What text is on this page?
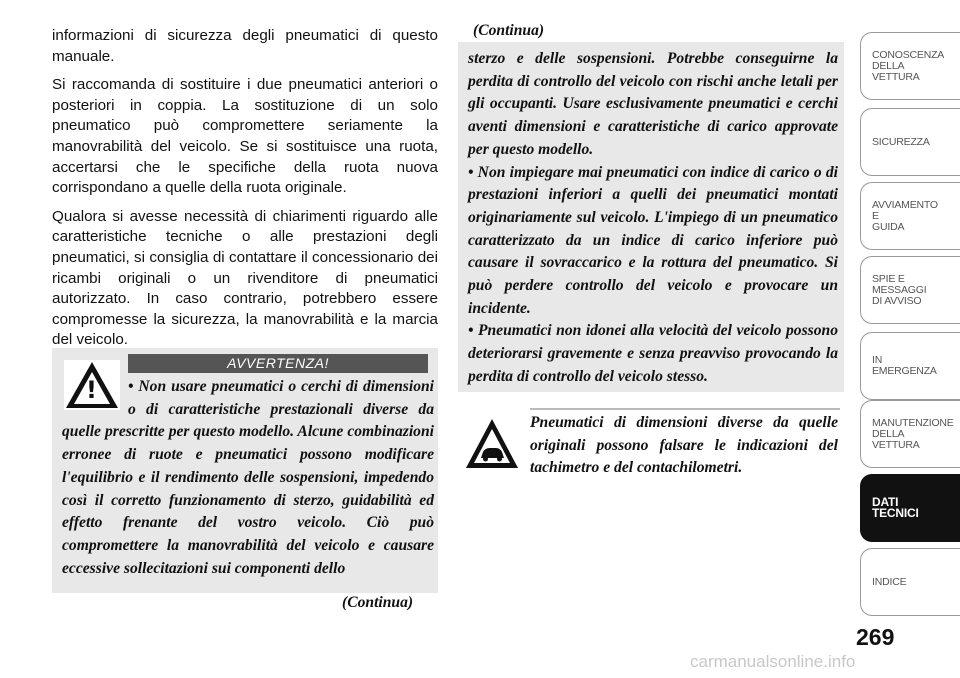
informazioni di sicurezza degli pneumatici di questo manuale.

Si raccomanda di sostituire i due pneumatici anteriori o posteriori in coppia. La sostituzione di un solo pneumatico può compromettere seriamente la manovrabilità del veicolo. Se si sostituisce una ruota, accertarsi che le specifiche della ruota nuova corrispondano a quelle della ruota originale.

Qualora si avesse necessità di chiarimenti riguardo alle caratteristiche tecniche o alle prestazioni degli pneumatici, si consiglia di contattare il concessionario dei ricambi originali o un rivenditore di pneumatici autorizzato. In caso contrario, potrebbero essere compromesse la sicurezza, la manovrabilità e la marcia del veicolo.

AVVERTENZA!
!	• Non usare pneumatici o cerchi di dimensioni o di caratteristiche prestazionali diverse da quelle prescritte per questo modello. Alcune combinazioni erronee di ruote e pneumatici possono modificare l'equilibrio e il rendimento delle sospensioni, impedendo così il corretto funzionamento di sterzo, guidabilità ed effetto frenante del vostro veicolo. Ciò può compromettere la manovrabilità del veicolo e causare eccessive sollecitazioni sui componenti dello
(Continua)
(Continua)
sterzo e delle sospensioni. Potrebbe conseguirne la perdita di controllo del veicolo con rischi anche letali per gli occupanti. Usare esclusivamente pneumatici e cerchi aventi dimensioni e caratteristiche di carico approvate per questo modello.
• Non impiegare mai pneumatici con indice di carico o di prestazioni inferiori a quelli dei pneumatici montati originariamente sul veicolo. L'impiego di un pneumatico caratterizzato da un indice di carico inferiore può causare il sovraccarico e la rottura del pneumatico. Si può perdere controllo del veicolo e provocare un incidente.
• Pneumatici non idonei alla velocità del veicolo possono deteriorarsi gravemente e senza preavviso provocando la perdita di controllo del veicolo stesso.
Pneumatici di dimensioni diverse da quelle originali possono falsare le indicazioni del tachimetro e del contachilometri.
CONOSCENZA
DELLA
VETTURA
SICUREZZA
AVVIAMENTO
E
GUIDA
SPIE E
MESSAGGI
DI AVVISO
IN
EMERGENZA
MANUTENZIONE
DELLA
VETTURA
DATI
TECNICI
INDICE
269
carmanualsonline.info
